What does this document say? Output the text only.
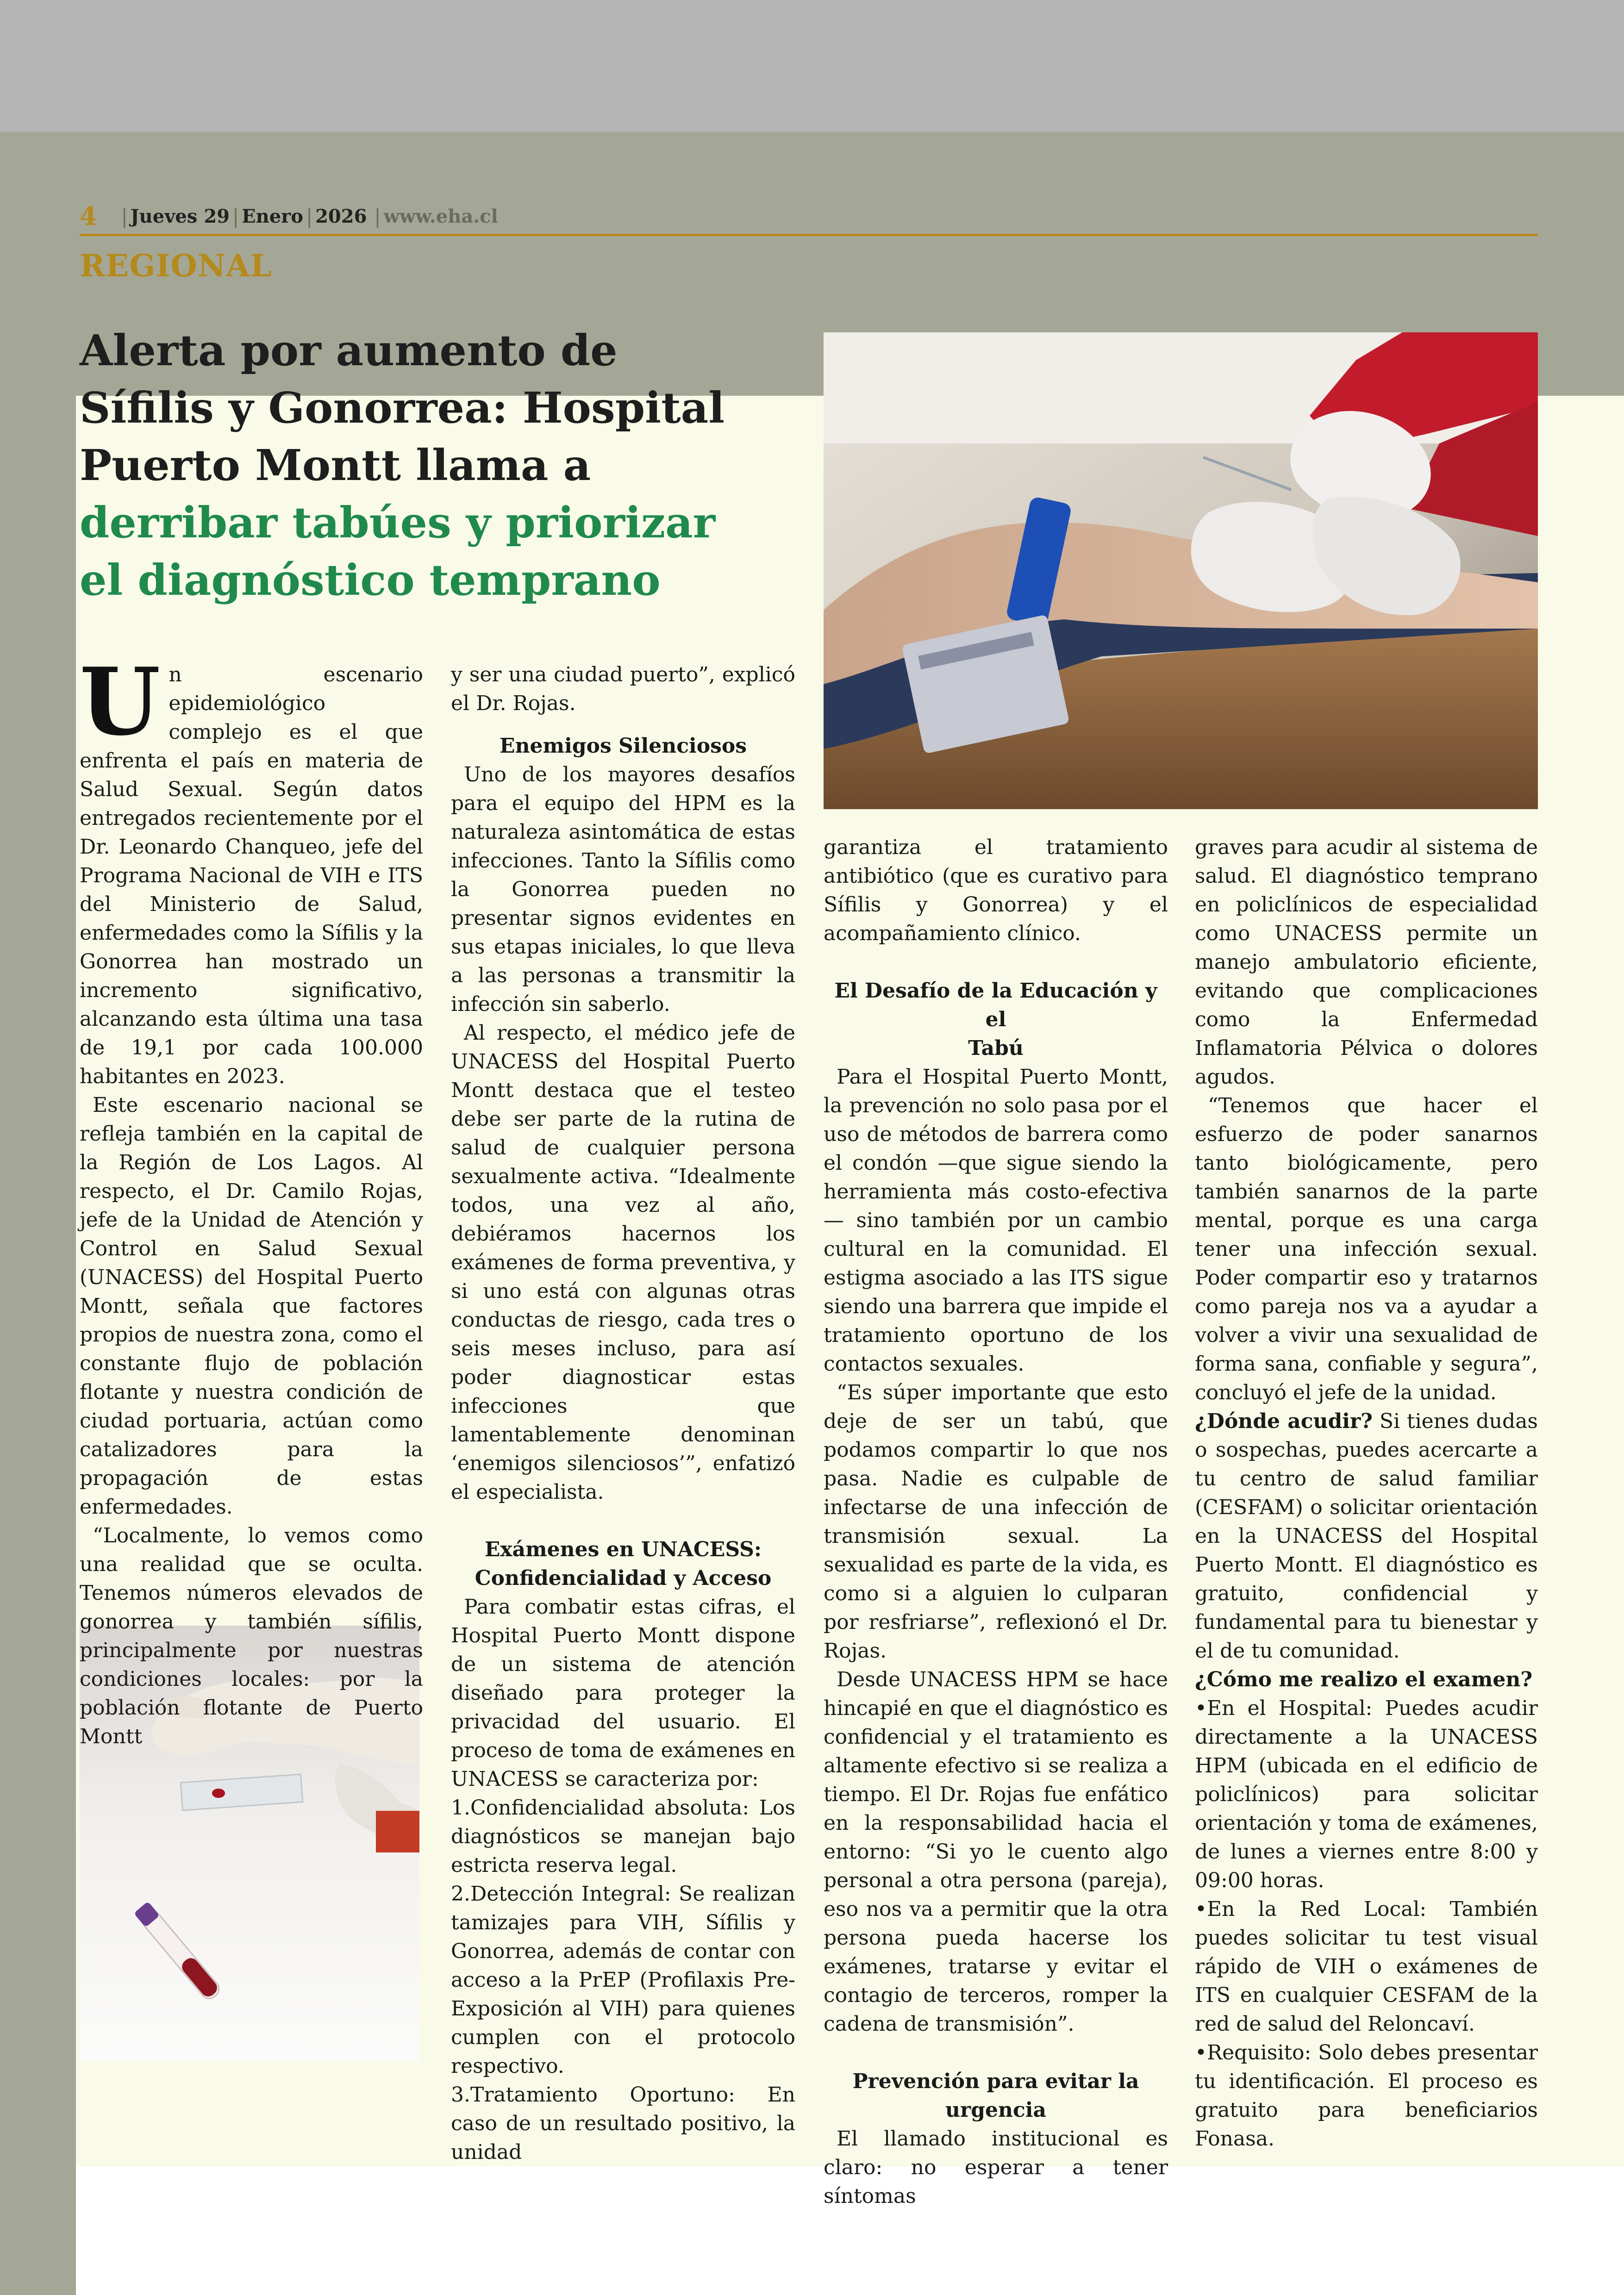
4 | Jueves 29 | Enero | 2026 | www.eha.cl
REGIONAL
Alerta por aumento de
Sífilis y Gonorrea: Hospital
Puerto Montt llama a
derribar tabúes y priorizar
el diagnóstico temprano
U n escenario epidemiológico complejo es el que enfrenta el país en materia de Salud Sexual. Según datos entregados recientemente por el Dr. Leonardo Chanqueo, jefe del Programa Nacional de VIH e ITS del Ministerio de Salud, enfermedades como la Sífilis y la Gonorrea han mostrado un incremento significativo, alcanzando esta última una tasa de 19,1 por cada 100.000 habitantes en 2023.

Este escenario nacional se refleja también en la capital de la Región de Los Lagos. Al respecto, el Dr. Camilo Rojas, jefe de la Unidad de Atención y Control en Salud Sexual (UNACESS) del Hospital Puerto Montt, señala que factores propios de nuestra zona, como el constante flujo de población flotante y nuestra condición de ciudad portuaria, actúan como catalizadores para la propagación de estas enfermedades.

“Localmente, lo vemos como una realidad que se oculta. Tenemos números elevados de gonorrea y también sífilis, principalmente por nuestras condiciones locales: por la población flotante de Puerto Montt

y ser una ciudad puerto”, explicó el Dr. Rojas.

Enemigos Silenciosos

Uno de los mayores desafíos para el equipo del HPM es la naturaleza asintomática de estas infecciones. Tanto la Sífilis como la Gonorrea pueden no presentar signos evidentes en sus etapas iniciales, lo que lleva a las personas a transmitir la infección sin saberlo.

Al respecto, el médico jefe de UNACESS del Hospital Puerto Montt destaca que el testeo debe ser parte de la rutina de salud de cualquier persona sexualmente activa. “Idealmente todos, una vez al año, debiéramos hacernos los exámenes de forma preventiva, y si uno está con algunas otras conductas de riesgo, cada tres o seis meses incluso, para así poder diagnosticar estas infecciones que lamentablemente denominan ‘enemigos silenciosos’”, enfatizó el especialista.

Exámenes en UNACESS:
Confidencialidad y Acceso

Para combatir estas cifras, el Hospital Puerto Montt dispone de un sistema de atención diseñado para proteger la privacidad del usuario. El proceso de toma de exámenes en UNACESS se caracteriza por:

1.Confidencialidad absoluta: Los diagnósticos se manejan bajo estricta reserva legal.

2.Detección Integral: Se realizan tamizajes para VIH, Sífilis y Gonorrea, además de contar con acceso a la PrEP (Profilaxis Pre-Exposición al VIH) para quienes cumplen con el protocolo respectivo.

3.Tratamiento Oportuno: En caso de un resultado positivo, la unidad

garantiza el tratamiento antibiótico (que es curativo para Sífilis y Gonorrea) y el acompañamiento clínico.

El Desafío de la Educación y el
Tabú

Para el Hospital Puerto Montt, la prevención no solo pasa por el uso de métodos de barrera como el condón —que sigue siendo la herramienta más costo-efectiva— sino también por un cambio cultural en la comunidad. El estigma asociado a las ITS sigue siendo una barrera que impide el tratamiento oportuno de los contactos sexuales.

“Es súper importante que esto deje de ser un tabú, que podamos compartir lo que nos pasa. Nadie es culpable de infectarse de una infección de transmisión sexual. La sexualidad es parte de la vida, es como si a alguien lo culparan por resfriarse”, reflexionó el Dr. Rojas.

Desde UNACESS HPM se hace hincapié en que el diagnóstico es confidencial y el tratamiento es altamente efectivo si se realiza a tiempo. El Dr. Rojas fue enfático en la responsabilidad hacia el entorno: “Si yo le cuento algo personal a otra persona (pareja), eso nos va a permitir que la otra persona pueda hacerse los exámenes, tratarse y evitar el contagio de terceros, romper la cadena de transmisión”.

Prevención para evitar la
urgencia

El llamado institucional es claro: no esperar a tener síntomas

graves para acudir al sistema de salud. El diagnóstico temprano en policlínicos de especialidad como UNACESS permite un manejo ambulatorio eficiente, evitando que complicaciones como la Enfermedad Inflamatoria Pélvica o dolores agudos.

“Tenemos que hacer el esfuerzo de poder sanarnos tanto biológicamente, pero también sanarnos de la parte mental, porque es una carga tener una infección sexual. Poder compartir eso y tratarnos como pareja nos va a ayudar a volver a vivir una sexualidad de forma sana, confiable y segura”, concluyó el jefe de la unidad.

¿Dónde acudir? Si tienes dudas o sospechas, puedes acercarte a tu centro de salud familiar (CESFAM) o solicitar orientación en la UNACESS del Hospital Puerto Montt. El diagnóstico es gratuito, confidencial y fundamental para tu bienestar y el de tu comunidad.

¿Cómo me realizo el examen?

•En el Hospital: Puedes acudir directamente a la UNACESS HPM (ubicada en el edificio de policlínicos) para solicitar orientación y toma de exámenes, de lunes a viernes entre 8:00 y 09:00 horas.

•En la Red Local: También puedes solicitar tu test visual rápido de VIH o exámenes de ITS en cualquier CESFAM de la red de salud del Reloncaví.

•Requisito: Solo debes presentar tu identificación. El proceso es gratuito para beneficiarios Fonasa.
